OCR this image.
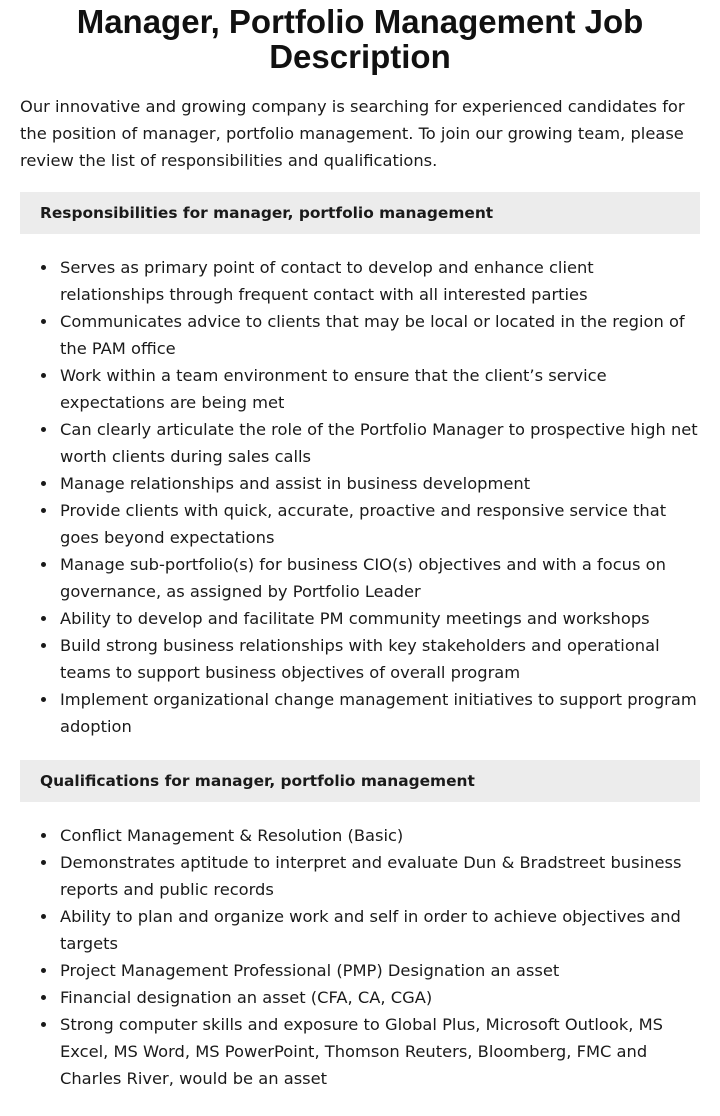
Manager, Portfolio Management Job Description

Our innovative and growing company is searching for experienced candidates for the position of manager, portfolio management. To join our growing team, please review the list of responsibilities and qualifications.

Responsibilities for manager, portfolio management
Serves as primary point of contact to develop and enhance client relationships through frequent contact with all interested parties
Communicates advice to clients that may be local or located in the region of the PAM office
Work within a team environment to ensure that the client’s service expectations are being met
Can clearly articulate the role of the Portfolio Manager to prospective high net worth clients during sales calls
Manage relationships and assist in business development
Provide clients with quick, accurate, proactive and responsive service that goes beyond expectations
Manage sub-portfolio(s) for business CIO(s) objectives and with a focus on governance, as assigned by Portfolio Leader
Ability to develop and facilitate PM community meetings and workshops
Build strong business relationships with key stakeholders and operational teams to support business objectives of overall program
Implement organizational change management initiatives to support program adoption
Qualifications for manager, portfolio management
Conflict Management & Resolution (Basic)
Demonstrates aptitude to interpret and evaluate Dun & Bradstreet business reports and public records
Ability to plan and organize work and self in order to achieve objectives and targets
Project Management Professional (PMP) Designation an asset
Financial designation an asset (CFA, CA, CGA)
Strong computer skills and exposure to Global Plus, Microsoft Outlook, MS Excel, MS Word, MS PowerPoint, Thomson Reuters, Bloomberg, FMC and Charles River, would be an asset
